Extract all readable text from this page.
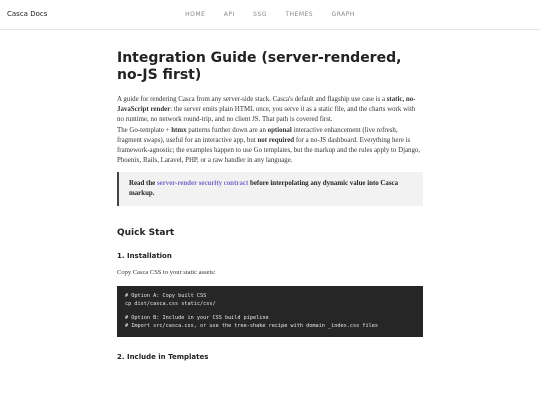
Casca Docs	HOME	API	SSG	THEMES	GRAPH
Integration Guide (server-rendered, no-JS first)

A guide for rendering Casca from any server-side stack. Casca's default and flagship use case is a static, no-JavaScript render: the server emits plain HTML once, you serve it as a static file, and the charts work with no runtime, no network round-trip, and no client JS. That path is covered first.

The Go-template + htmx patterns further down are an optional interactive enhancement (live refresh, fragment swaps), useful for an interactive app, but not required for a no-JS dashboard. Everything here is framework-agnostic; the examples happen to use Go templates, but the markup and the rules apply to Django, Phoenix, Rails, Laravel, PHP, or a raw handler in any language.

Read the server-render security contract before interpolating any dynamic value into Casca markup.
Quick Start
1. Installation
Copy Casca CSS to your static assets:
# Option A: Copy built CSS
cp dist/casca.css static/css/

# Option B: Include in your CSS build pipeline
# Import src/casca.css, or use the tree-shake recipe with domain _index.css files
2. Include in Templates
